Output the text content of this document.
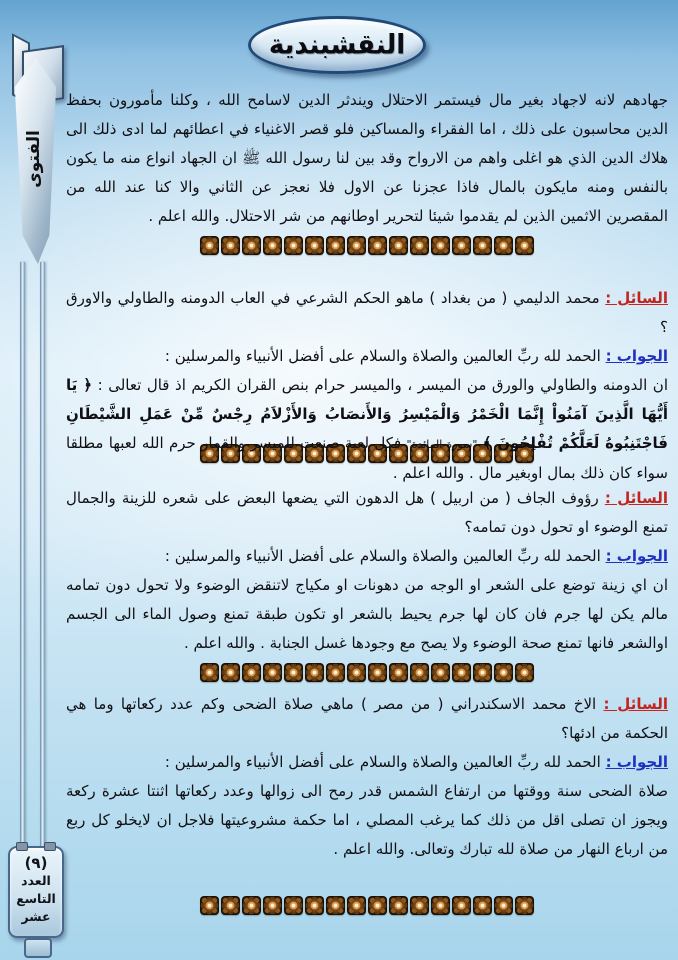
النقشبندية
الفتوى
(٩)
العدد
التاسع
عشر

جهادهم لانه لاجهاد بغير مال فيستمر الاحتلال ويندثر الدين لاسامح الله ، وكلنا مأمورون بحفظ الدين محاسبون على ذلك ، اما الفقراء والمساكين فلو قصر الاغنياء في اعطائهم لما ادى ذلك الى هلاك الدين الذي هو اغلى واهم من الارواح وقد بين لنا رسول الله ﷺ ان الجهاد انواع منه ما يكون بالنفس ومنه مايكون بالمال فاذا عجزنا عن الاول فلا نعجز عن الثاني والا كنا عند الله من المقصرين الاثمين الذين لم يقدموا شيئا لتحرير اوطانهم من شر الاحتلال. والله اعلم .

السائل : محمد الدليمي ( من بغداد ) ماهو الحكم الشرعي في العاب الدومنه والطاولي والاورق ؟

الجواب : الحمد لله ربِّ العالمين والصلاة والسلام على أفضل الأنبياء والمرسلين :

ان الدومنه والطاولي والورق من الميسر ، والميسر حرام بنص القران الكريم اذ قال تعالى : ﴿ يَا أَيُّهَا الَّذِينَ آمَنُواْ إِنَّمَا الْخَمْرُ وَالْمَيْسِرُ وَالأَنصَابُ وَالأَزْلاَمُ رِجْسٌ مِّنْ عَمَلِ الشَّيْطَانِ فَاجْتَنِبُوهُ لَعَلَّكُمْ تُفْلِحُونَ ﴾ "سورة المائدة" فكل لعبة صنعت للميسر والقمار حرم الله لعبها مطلقا سواء كان ذلك بمال اوبغير مال . والله اعلم .

السائل : رؤوف الجاف ( من اربيل ) هل الدهون التي يضعها البعض على شعره للزينة والجمال تمنع الوضوء او تحول دون تمامه؟

الجواب : الحمد لله ربِّ العالمين والصلاة والسلام على أفضل الأنبياء والمرسلين :

ان اي زينة توضع على الشعر او الوجه من دهونات او مكياج لاتنقض الوضوء ولا تحول دون تمامه مالم يكن لها جرم فان كان لها جرم يحيط بالشعر او تكون طبقة تمنع وصول الماء الى الجسم اوالشعر فانها تمنع صحة الوضوء ولا يصح مع وجودها غسل الجنابة . والله اعلم .

السائل : الاخ محمد الاسكندراني ( من مصر ) ماهي صلاة الضحى وكم عدد ركعاتها وما هي الحكمة من ادئها؟

الجواب : الحمد لله ربِّ العالمين والصلاة والسلام على أفضل الأنبياء والمرسلين :

صلاة الضحى سنة ووقتها من ارتفاع الشمس قدر رمح الى زوالها وعدد ركعاتها اثنتا عشرة ركعة ويجوز ان تصلى اقل من ذلك كما يرغب المصلي ، اما حكمة مشروعيتها فلاجل ان لايخلو كل ربع من ارباع النهار من صلاة لله تبارك وتعالى. والله اعلم .
